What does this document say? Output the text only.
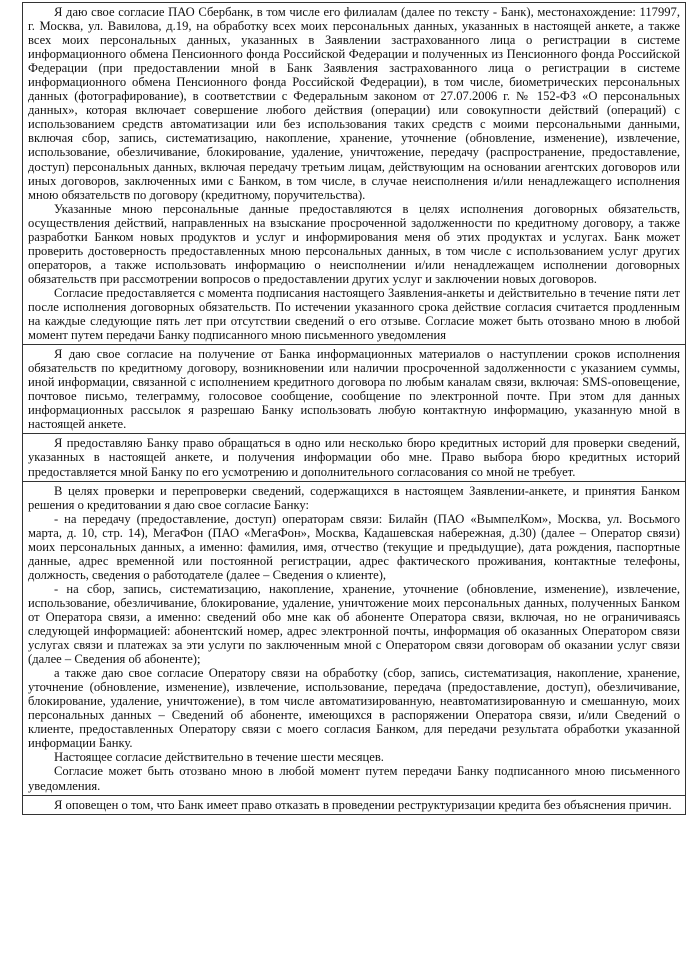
Я даю свое согласие ПАО Сбербанк, в том числе его филиалам (далее по тексту - Банк), местонахождение: 117997, г. Москва, ул. Вавилова, д.19, на обработку всех моих персональных данных, указанных в настоящей анкете, а также всех моих персональных данных, указанных в Заявлении застрахованного лица о регистрации в системе информационного обмена Пенсионного фонда Российской Федерации и полученных из Пенсионного фонда Российской Федерации (при предоставлении мной в Банк Заявления застрахованного лица о регистрации в системе информационного обмена Пенсионного фонда Российской Федерации), в том числе, биометрических персональных данных (фотографирование), в соответствии с Федеральным законом от 27.07.2006 г. № 152-ФЗ «О персональных данных», которая включает совершение любого действия (операции) или совокупности действий (операций) с использованием средств автоматизации или без использования таких средств с моими персональными данными, включая сбор, запись, систематизацию, накопление, хранение, уточнение (обновление, изменение), извлечение, использование, обезличивание, блокирование, удаление, уничтожение, передачу (распространение, предоставление, доступ) персональных данных, включая передачу третьим лицам, действующим на основании агентских договоров или иных договоров, заключенных ими с Банком, в том числе, в случае неисполнения и/или ненадлежащего исполнения мною обязательств по договору (кредитному, поручительства).

Указанные мною персональные данные предоставляются в целях исполнения договорных обязательств, осуществления действий, направленных на взыскание просроченной задолженности по кредитному договору, а также разработки Банком новых продуктов и услуг и информирования меня об этих продуктах и услугах. Банк может проверить достоверность предоставленных мною персональных данных, в том числе с использованием услуг других операторов, а также использовать информацию о неисполнении и/или ненадлежащем исполнении договорных обязательств при рассмотрении вопросов о предоставлении других услуг и заключении новых договоров.

Согласие предоставляется с момента подписания настоящего Заявления-анкеты и действительно в течение пяти лет после исполнения договорных обязательств. По истечении указанного срока действие согласия считается продленным на каждые следующие пять лет при отсутствии сведений о его отзыве. Согласие может быть отозвано мною в любой момент путем передачи Банку подписанного мною письменного уведомления

Я даю свое согласие на получение от Банка информационных материалов о наступлении сроков исполнения обязательств по кредитному договору, возникновении или наличии просроченной задолженности с указанием суммы, иной информации, связанной с исполнением кредитного договора по любым каналам связи, включая: SMS-оповещение, почтовое письмо, телеграмму, голосовое сообщение, сообщение по электронной почте. При этом для данных информационных рассылок я разрешаю Банку использовать любую контактную информацию, указанную мной в настоящей анкете.

Я предоставляю Банку право обращаться в одно или несколько бюро кредитных историй для проверки сведений, указанных в настоящей анкете, и получения информации обо мне. Право выбора бюро кредитных историй предоставляется мной Банку по его усмотрению и дополнительного согласования со мной не требует.

В целях проверки и перепроверки сведений, содержащихся в настоящем Заявлении-анкете, и принятия Банком решения о кредитовании я даю свое согласие Банку:

- на передачу (предоставление, доступ) операторам связи: Билайн (ПАО «ВымпелКом», Москва, ул. Восьмого марта, д. 10, стр. 14), МегаФон (ПАО «МегаФон», Москва, Кадашевская набережная, д.30) (далее – Оператор связи) моих персональных данных, а именно: фамилия, имя, отчество (текущие и предыдущие), дата рождения, паспортные данные, адрес временной или постоянной регистрации, адрес фактического проживания, контактные телефоны, должность, сведения о работодателе (далее – Сведения о клиенте),

- на сбор, запись, систематизацию, накопление, хранение, уточнение (обновление, изменение), извлечение, использование, обезличивание, блокирование, удаление, уничтожение моих персональных данных, полученных Банком от Оператора связи, а именно: сведений обо мне как об абоненте Оператора связи, включая, но не ограничиваясь следующей информацией: абонентский номер, адрес электронной почты, информация об оказанных Оператором связи услугах связи и платежах за эти услуги по заключенным мной с Оператором связи договорам об оказании услуг связи (далее – Сведения об абоненте);

а также даю свое согласие Оператору связи на обработку (сбор, запись, систематизация, накопление, хранение, уточнение (обновление, изменение), извлечение, использование, передача (предоставление, доступ), обезличивание, блокирование, удаление, уничтожение), в том числе автоматизированную, неавтоматизированную и смешанную, моих персональных данных – Сведений об абоненте, имеющихся в распоряжении Оператора связи, и/или Сведений о клиенте, предоставленных Оператору связи с моего согласия Банком, для передачи результата обработки указанной информации Банку.

Настоящее согласие действительно в течение шести месяцев.

Согласие может быть отозвано мною в любой момент путем передачи Банку подписанного мною письменного уведомления.

Я оповещен о том, что Банк имеет право отказать в проведении реструктуризации кредита без объяснения причин.
